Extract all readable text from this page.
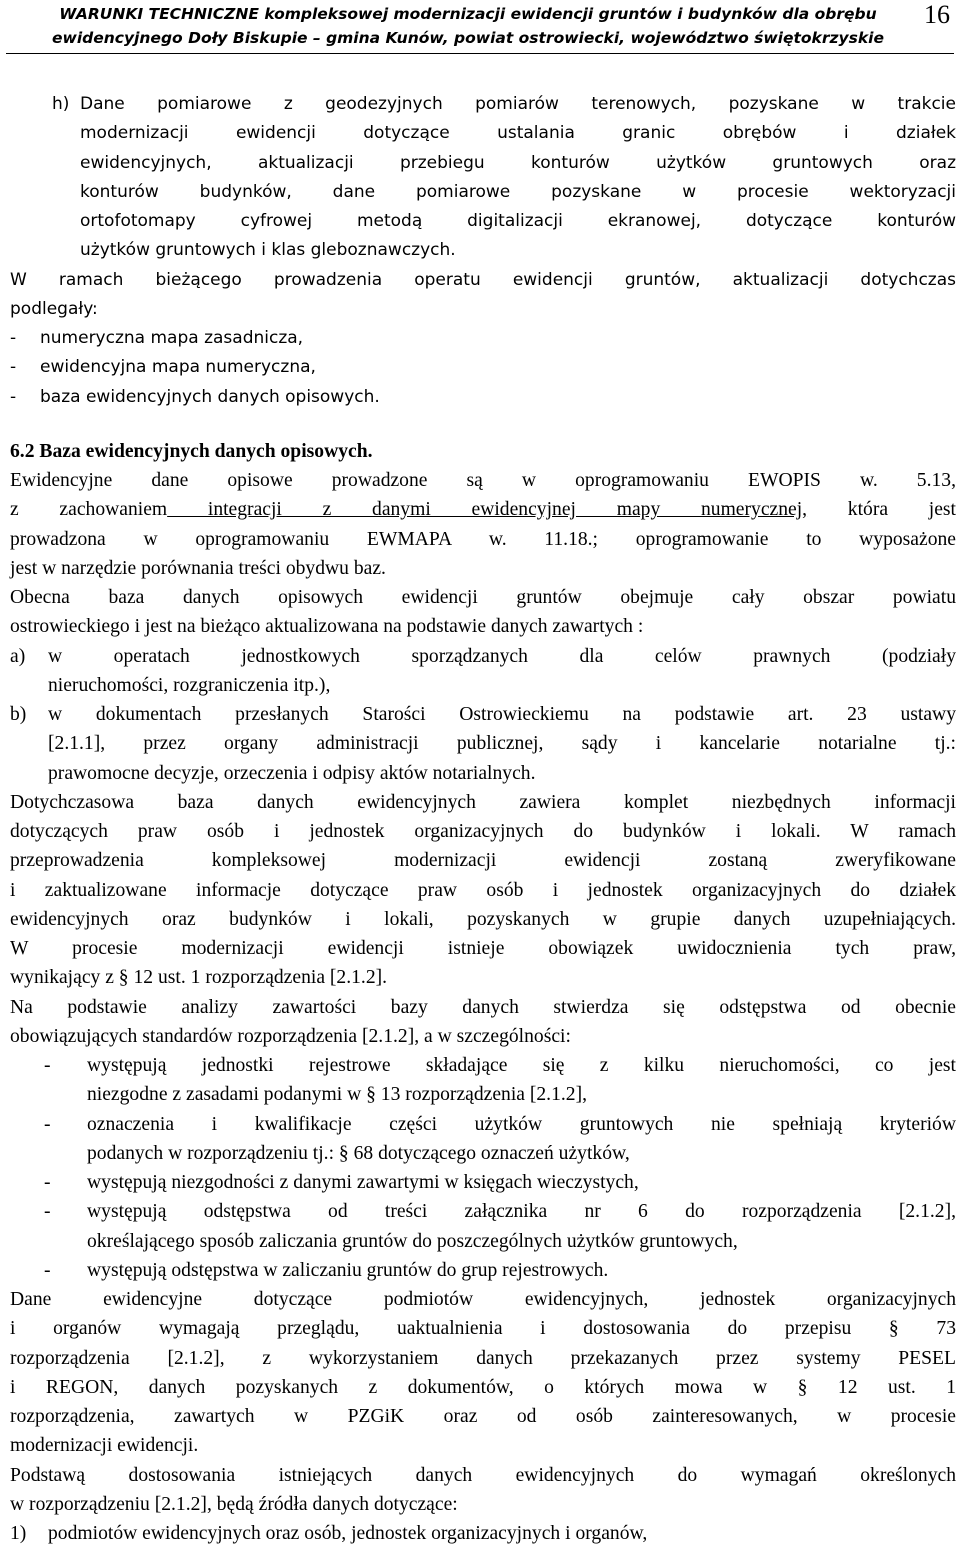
WARUNKI TECHNICZNE kompleksowej modernizacji ewidencji gruntów i budynków dla obrębu
ewidencyjnego Doły Biskupie – gmina Kunów, powiat ostrowiecki, województwo świętokrzyskie
16
h) Dane pomiarowe z geodezyjnych pomiarów terenowych, pozyskane w trakcie
modernizacji ewidencji dotyczące ustalania granic obrębów i działek
ewidencyjnych, aktualizacji przebiegu konturów użytków gruntowych oraz
konturów budynków, dane pomiarowe pozyskane w procesie wektoryzacji
ortofotomapy cyfrowej metodą digitalizacji ekranowej, dotyczące konturów
użytków gruntowych i klas gleboznawczych.
W ramach bieżącego prowadzenia operatu ewidencji gruntów, aktualizacji dotychczas
podlegały:
- numeryczna mapa zasadnicza,
- ewidencyjna mapa numeryczna,
- baza ewidencyjnych danych opisowych.

6.2 Baza ewidencyjnych danych opisowych.

Ewidencyjne dane opisowe prowadzone są w oprogramowaniu EWOPIS w. 5.13,

z zachowaniem integracji z danymi ewidencyjnej mapy numerycznej, która jest

prowadzona w oprogramowaniu EWMAPA w. 11.18.; oprogramowanie to wyposażone

jest w narzędzie porównania treści obydwu baz.

Obecna baza danych opisowych ewidencji gruntów obejmuje cały obszar powiatu

ostrowieckiego i jest na bieżąco aktualizowana na podstawie danych zawartych :

a) w operatach jednostkowych sporządzanych dla celów prawnych (podziały
nieruchomości, rozgraniczenia itp.),
b) w dokumentach przesłanych Starości Ostrowieckiemu na podstawie art. 23 ustawy
[2.1.1], przez organy administracji publicznej, sądy i kancelarie notarialne tj.:
prawomocne decyzje, orzeczenia i odpisy aktów notarialnych.

Dotychczasowa baza danych ewidencyjnych zawiera komplet niezbędnych informacji

dotyczących praw osób i jednostek organizacyjnych do budynków i lokali. W ramach

przeprowadzenia kompleksowej modernizacji ewidencji zostaną zweryfikowane

i zaktualizowane informacje dotyczące praw osób i jednostek organizacyjnych do działek

ewidencyjnych oraz budynków i lokali, pozyskanych w grupie danych uzupełniających.

W procesie modernizacji ewidencji istnieje obowiązek uwidocznienia tych praw,

wynikający z § 12 ust. 1 rozporządzenia [2.1.2].

Na podstawie analizy zawartości bazy danych stwierdza się odstępstwa od obecnie

obowiązujących standardów rozporządzenia [2.1.2], a w szczególności:

- występują jednostki rejestrowe składające się z kilku nieruchomości, co jest
niezgodne z zasadami podanymi w § 13 rozporządzenia [2.1.2],
- oznaczenia i kwalifikacje części użytków gruntowych nie spełniają kryteriów
podanych w rozporządzeniu tj.: § 68 dotyczącego oznaczeń użytków,
- występują niezgodności z danymi zawartymi w księgach wieczystych,
- występują odstępstwa od treści załącznika nr 6 do rozporządzenia [2.1.2],
określającego sposób zaliczania gruntów do poszczególnych użytków gruntowych,
- występują odstępstwa w zaliczaniu gruntów do grup rejestrowych.

Dane ewidencyjne dotyczące podmiotów ewidencyjnych, jednostek organizacyjnych

i organów wymagają przeglądu, uaktualnienia i dostosowania do przepisu § 73

rozporządzenia [2.1.2], z wykorzystaniem danych przekazanych przez systemy PESEL

i REGON, danych pozyskanych z dokumentów, o których mowa w § 12 ust. 1

rozporządzenia, zawartych w PZGiK oraz od osób zainteresowanych, w procesie

modernizacji ewidencji.

Podstawą dostosowania istniejących danych ewidencyjnych do wymagań określonych

w rozporządzeniu [2.1.2], będą źródła danych dotyczące:

1) podmiotów ewidencyjnych oraz osób, jednostek organizacyjnych i organów,
